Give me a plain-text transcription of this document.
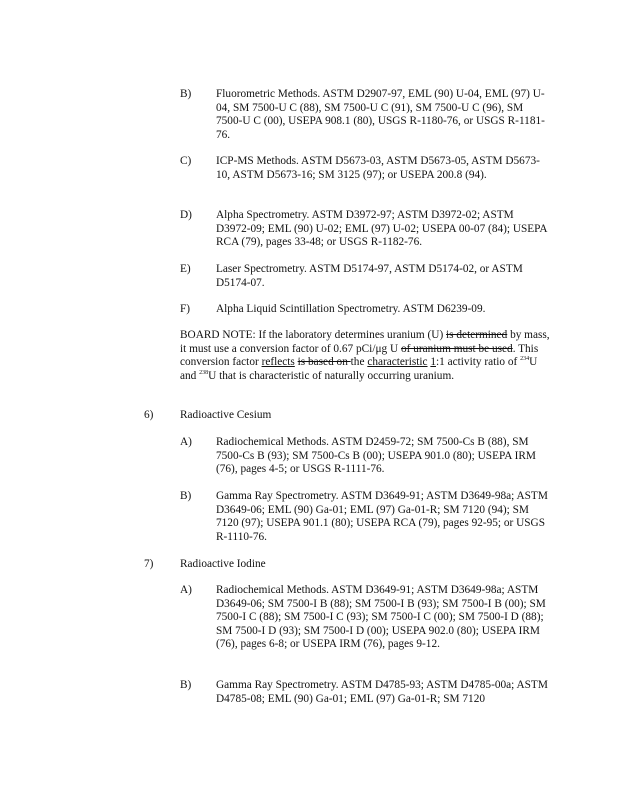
B) Fluorometric Methods. ASTM D2907-97, EML (90) U-04, EML (97) U-04, SM 7500-U C (88), SM 7500-U C (91), SM 7500-U C (96), SM 7500-U C (00), USEPA 908.1 (80), USGS R-1180-76, or USGS R-1181-76.
C) ICP-MS Methods. ASTM D5673-03, ASTM D5673-05, ASTM D5673-10, ASTM D5673-16; SM 3125 (97); or USEPA 200.8 (94).
D) Alpha Spectrometry. ASTM D3972-97; ASTM D3972-02; ASTM D3972-09; EML (90) U-02; EML (97) U-02; USEPA 00-07 (84); USEPA RCA (79), pages 33-48; or USGS R-1182-76.
E) Laser Spectrometry. ASTM D5174-97, ASTM D5174-02, or ASTM D5174-07.
F) Alpha Liquid Scintillation Spectrometry. ASTM D6239-09.
BOARD NOTE: If the laboratory determines uranium (U) is determined by mass, it must use a conversion factor of 0.67 pCi/μg U of uranium must be used. This conversion factor reflects is based on the characteristic 1:1 activity ratio of $^{234}$U and $^{238}$U that is characteristic of naturally occurring uranium.
6) Radioactive Cesium
A) Radiochemical Methods. ASTM D2459-72; SM 7500-Cs B (88), SM 7500-Cs B (93); SM 7500-Cs B (00); USEPA 901.0 (80); USEPA IRM (76), pages 4-5; or USGS R-1111-76.
B) Gamma Ray Spectrometry. ASTM D3649-91; ASTM D3649-98a; ASTM D3649-06; EML (90) Ga-01; EML (97) Ga-01-R; SM 7120 (94); SM 7120 (97); USEPA 901.1 (80); USEPA RCA (79), pages 92-95; or USGS R-1110-76.
7) Radioactive Iodine
A) Radiochemical Methods. ASTM D3649-91; ASTM D3649-98a; ASTM D3649-06; SM 7500-I B (88); SM 7500-I B (93); SM 7500-I B (00); SM 7500-I C (88); SM 7500-I C (93); SM 7500-I C (00); SM 7500-I D (88); SM 7500-I D (93); SM 7500-I D (00); USEPA 902.0 (80); USEPA IRM (76), pages 6-8; or USEPA IRM (76), pages 9-12.
B) Gamma Ray Spectrometry. ASTM D4785-93; ASTM D4785-00a; ASTM D4785-08; EML (90) Ga-01; EML (97) Ga-01-R; SM 7120
